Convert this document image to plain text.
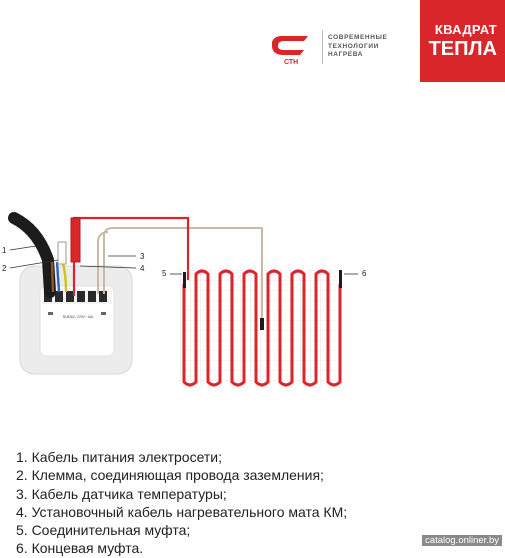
СТН
СОВРЕМЕННЫЕ
ТЕХНОЛОГИИ
НАГРЕВА
КВАДРАТ
ТЕПЛА
RU6262 / 220V~ 16A
1
2
3
4
5	6
1. Кабель питания электросети;
2. Клемма, соединяющая провода заземления;
3. Кабель датчика температуры;
4. Установочный кабель нагревательного мата КМ;
5. Соединительная муфта;
6. Концевая муфта.	catalog.onliner.by
